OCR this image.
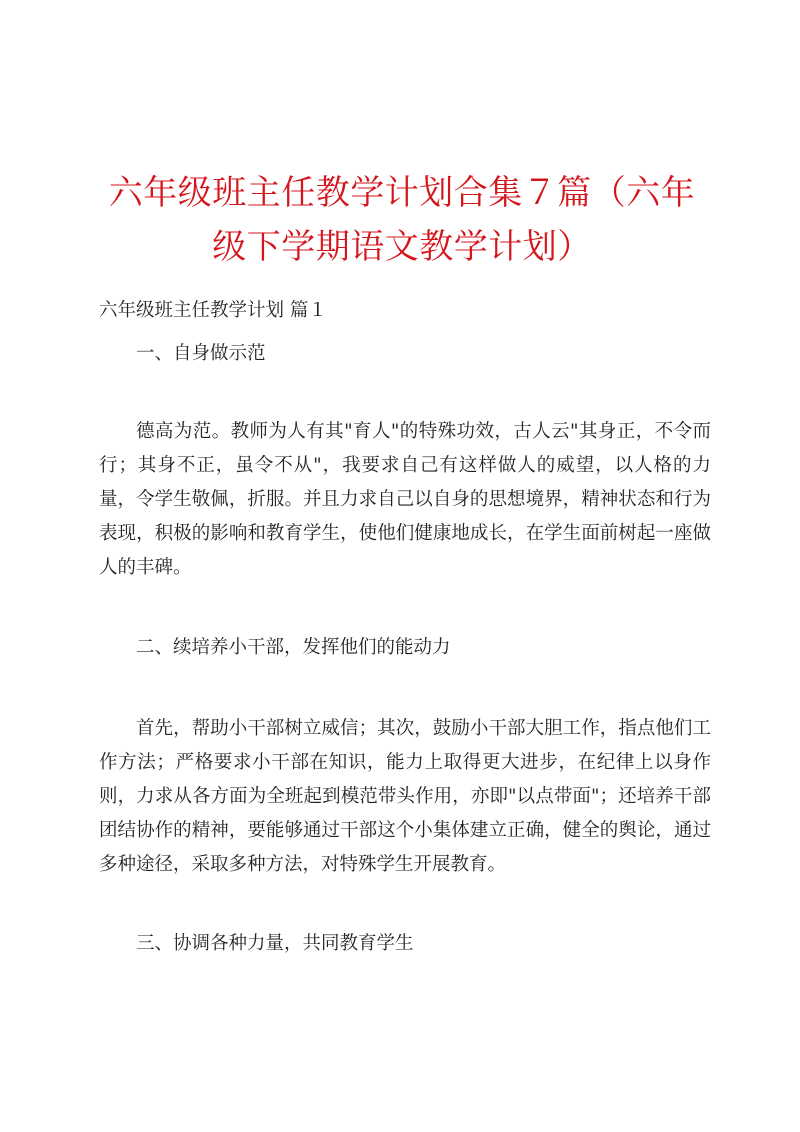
六年级班主任教学计划合集７篇（六年级下学期语文教学计划）
六年级班主任教学计划 篇１
一、自身做示范

德高为范。教师为人有其"育人"的特殊功效，古人云"其身正，不令而行；其身不正，虽令不从"，我要求自己有这样做人的威望，以人格的力量，令学生敬佩，折服。并且力求自己以自身的思想境界，精神状态和行为表现，积极的影响和教育学生，使他们健康地成长，在学生面前树起一座做人的丰碑。

二、续培养小干部，发挥他们的能动力

首先，帮助小干部树立威信；其次，鼓励小干部大胆工作，指点他们工作方法；严格要求小干部在知识，能力上取得更大进步，在纪律上以身作则，力求从各方面为全班起到模范带头作用，亦即"以点带面"；还培养干部团结协作的精神，要能够通过干部这个小集体建立正确，健全的舆论，通过多种途径，采取多种方法，对特殊学生开展教育。

三、协调各种力量，共同教育学生
